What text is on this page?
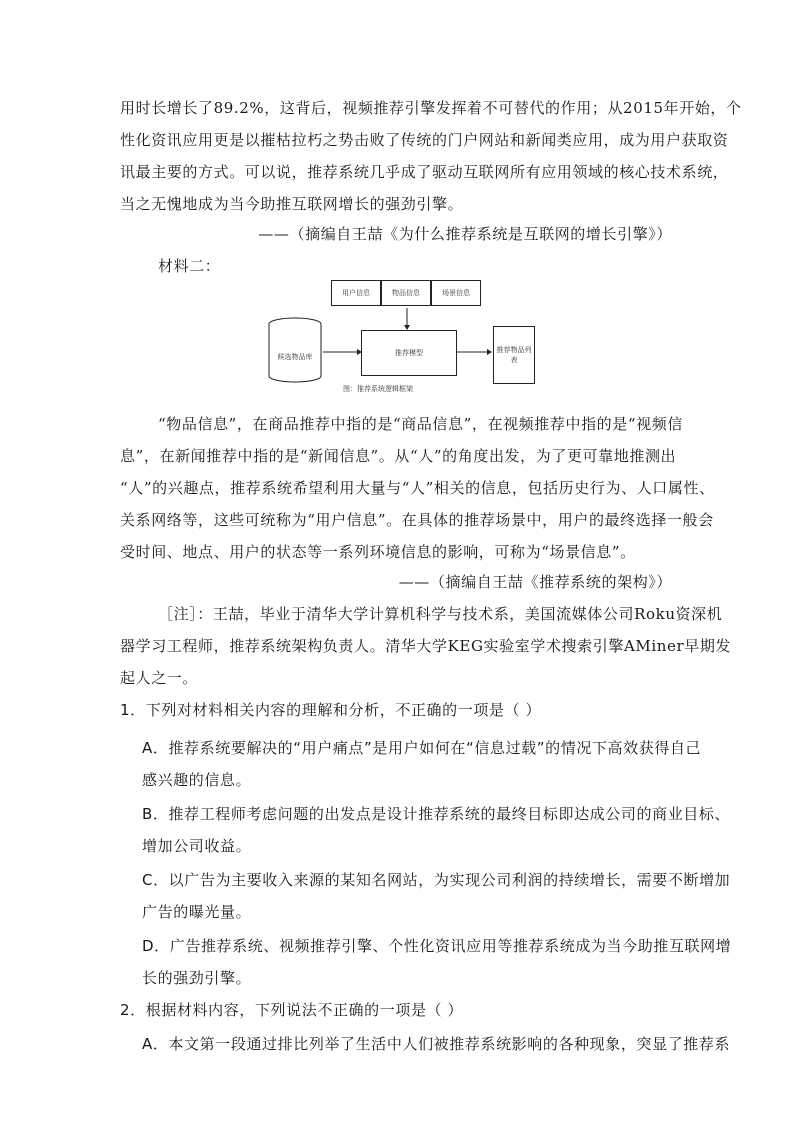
用时长增长了89.2%，这背后，视频推荐引擎发挥着不可替代的作用；从2015年开始，个
性化资讯应用更是以摧枯拉朽之势击败了传统的门户网站和新闻类应用，成为用户获取资
讯最主要的方式。可以说，推荐系统几乎成了驱动互联网所有应用领域的核心技术系统，
当之无愧地成为当今助推互联网增长的强劲引擎。
——（摘编自王喆《为什么推荐系统是互联网的增长引擎》）
材料二：
用户信息	物品信息	场景信息
推荐模型	推荐物品列表
候选物品库
图：推荐系统逻辑框架
“物品信息”，在商品推荐中指的是“商品信息”，在视频推荐中指的是“视频信
息”，在新闻推荐中指的是“新闻信息”。从“人”的角度出发，为了更可靠地推测出
“人”的兴趣点，推荐系统希望利用大量与“人”相关的信息，包括历史行为、人口属性、
关系网络等，这些可统称为“用户信息”。在具体的推荐场景中，用户的最终选择一般会
受时间、地点、用户的状态等一系列环境信息的影响，可称为“场景信息”。
——（摘编自王喆《推荐系统的架构》）
［注］：王喆，毕业于清华大学计算机科学与技术系，美国流媒体公司Roku资深机
器学习工程师，推荐系统架构负责人。清华大学KEG实验室学术搜索引擎AMiner早期发
起人之一。
1．下列对材料相关内容的理解和分析，不正确的一项是（ ）
A．推荐系统要解决的“用户痛点”是用户如何在“信息过载”的情况下高效获得自己
感兴趣的信息。
B．推荐工程师考虑问题的出发点是设计推荐系统的最终目标即达成公司的商业目标、
增加公司收益。
C．以广告为主要收入来源的某知名网站，为实现公司利润的持续增长，需要不断增加
广告的曝光量。
D．广告推荐系统、视频推荐引擎、个性化资讯应用等推荐系统成为当今助推互联网增
长的强劲引擎。
2．根据材料内容，下列说法不正确的一项是（ ）
A．本文第一段通过排比列举了生活中人们被推荐系统影响的各种现象，突显了推荐系
